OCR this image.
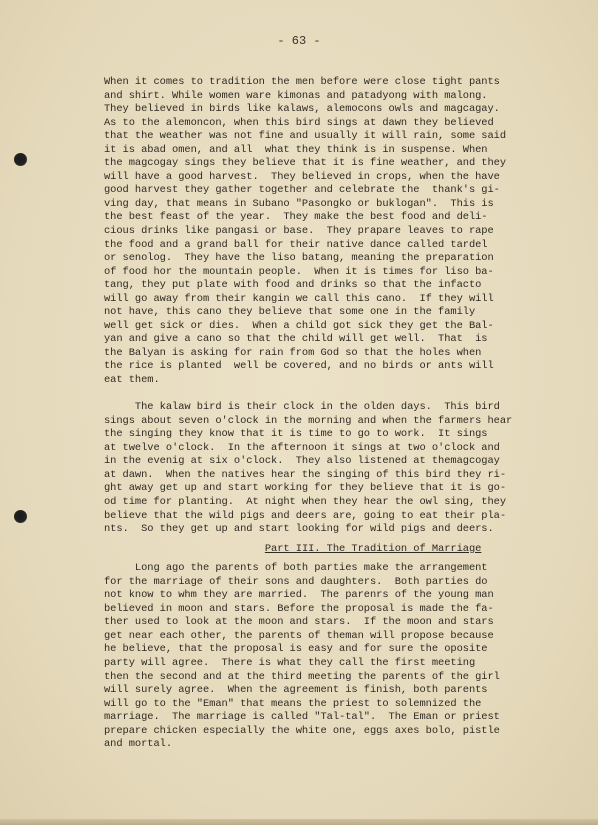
- 63 -
When it comes to tradition the men before were close tight pants
and shirt. While women ware kimonas and patadyong with malong.
They believed in birds like kalaws, alemocons owls and magcagay.
As to the alemoncon, when this bird sings at dawn they believed
that the weather was not fine and usually it will rain, some said
it is abad omen, and all  what they think is in suspense. When
the magcogay sings they believe that it is fine weather, and they
will have a good harvest.  They believed in crops, when the have
good harvest they gather together and celebrate the  thank's gi-
ving day, that means in Subano "Pasongko or buklogan".  This is
the best feast of the year.  They make the best food and deli-
cious drinks like pangasi or base.  They prapare leaves to rape
the food and a grand ball for their native dance called tardel
or senolog.  They have the liso batang, meaning the preparation
of food hor the mountain people.  When it is times for liso ba-
tang, they put plate with food and drinks so that the infacto
will go away from their kangin we call this cano.  If they will
not have, this cano they believe that some one in the family
well get sick or dies.  When a child got sick they get the Bal-
yan and give a cano so that the child will get well.  That  is
the Balyan is asking for rain from God so that the holes when
the rice is planted  well be covered, and no birds or ants will
eat them.
The kalaw bird is their clock in the olden days.  This bird
sings about seven o'clock in the morning and when the farmers hear
the singing they know that it is time to go to work.  It sings
at twelve o'clock.  In the afternoon it sings at two o'clock and
in the evenig at six o'clock.  They also listened at themagcogay
at dawn.  When the natives hear the singing of this bird they ri-
ght away get up and start working for they believe that it is go-
od time for planting.  At night when they hear the owl sing, they
believe that the wild pigs and deers are, going to eat their pla-
nts.  So they get up and start looking for wild pigs and deers.
Part III. The Tradition of Marriage
Long ago the parents of both parties make the arrangement
for the marriage of their sons and daughters.  Both parties do
not know to whm they are married.  The parenrs of the young man
believed in moon and stars. Before the proposal is made the fa-
ther used to look at the moon and stars.  If the moon and stars
get near each other, the parents of theman will propose because
he believe, that the proposal is easy and for sure the oposite
party will agree.  There is what they call the first meeting
then the second and at the third meeting the parents of the girl
will surely agree.  When the agreement is finish, both parents
will go to the "Eman" that means the priest to solemnized the
marriage.  The marriage is called "Tal-tal".  The Eman or priest
prepare chicken especially the white one, eggs axes bolo, pistle
and mortal.
